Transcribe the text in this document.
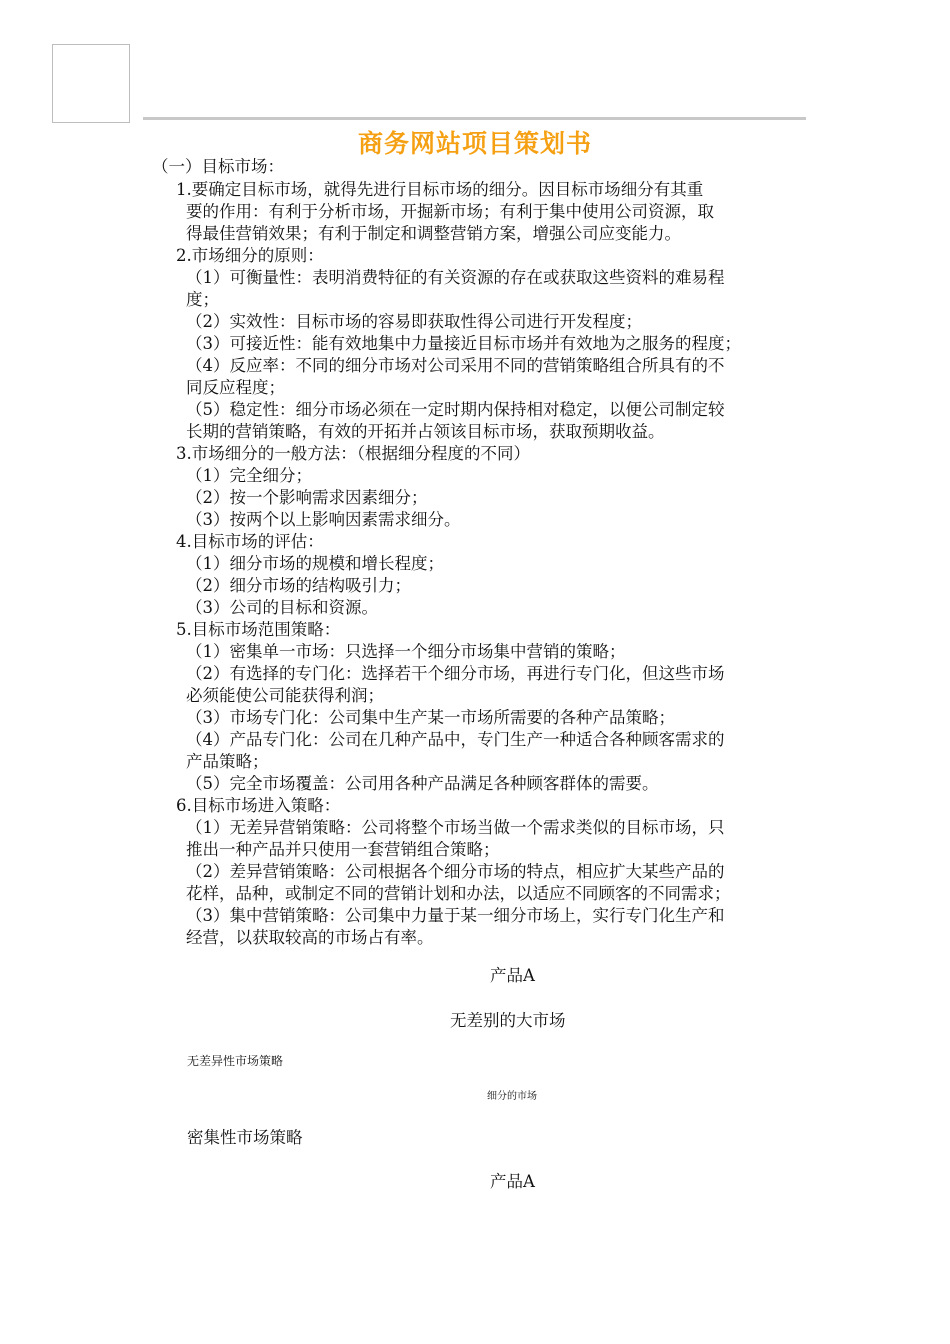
商务网站项目策划书
（一）目标市场：
1.要确定目标市场，就得先进行目标市场的细分。因目标市场细分有其重
要的作用：有利于分析市场，开掘新市场；有利于集中使用公司资源，取
得最佳营销效果；有利于制定和调整营销方案，增强公司应变能力。
2.市场细分的原则：
（1）可衡量性：表明消费特征的有关资源的存在或获取这些资料的难易程
度；
（2）实效性：目标市场的容易即获取性得公司进行开发程度；
（3）可接近性：能有效地集中力量接近目标市场并有效地为之服务的程度；
（4）反应率：不同的细分市场对公司采用不同的营销策略组合所具有的不
同反应程度；
（5）稳定性：细分市场必须在一定时期内保持相对稳定，以便公司制定较
长期的营销策略，有效的开拓并占领该目标市场，获取预期收益。
3.市场细分的一般方法：（根据细分程度的不同）
（1）完全细分；
（2）按一个影响需求因素细分；
（3）按两个以上影响因素需求细分。
4.目标市场的评估：
（1）细分市场的规模和增长程度；
（2）细分市场的结构吸引力；
（3）公司的目标和资源。
5.目标市场范围策略：
（1）密集单一市场：只选择一个细分市场集中营销的策略；
（2）有选择的专门化：选择若干个细分市场，再进行专门化，但这些市场
必须能使公司能获得利润；
（3）市场专门化：公司集中生产某一市场所需要的各种产品策略；
（4）产品专门化：公司在几种产品中，专门生产一种适合各种顾客需求的
产品策略；
（5）完全市场覆盖：公司用各种产品满足各种顾客群体的需要。
6.目标市场进入策略：
（1）无差异营销策略：公司将整个市场当做一个需求类似的目标市场，只
推出一种产品并只使用一套营销组合策略；
（2）差异营销策略：公司根据各个细分市场的特点，相应扩大某些产品的
花样，品种，或制定不同的营销计划和办法，以适应不同顾客的不同需求；
（3）集中营销策略：公司集中力量于某一细分市场上，实行专门化生产和
经营，以获取较高的市场占有率。
产品A
无差别的大市场
无差异性市场策略
细分的市场
密集性市场策略
产品A
